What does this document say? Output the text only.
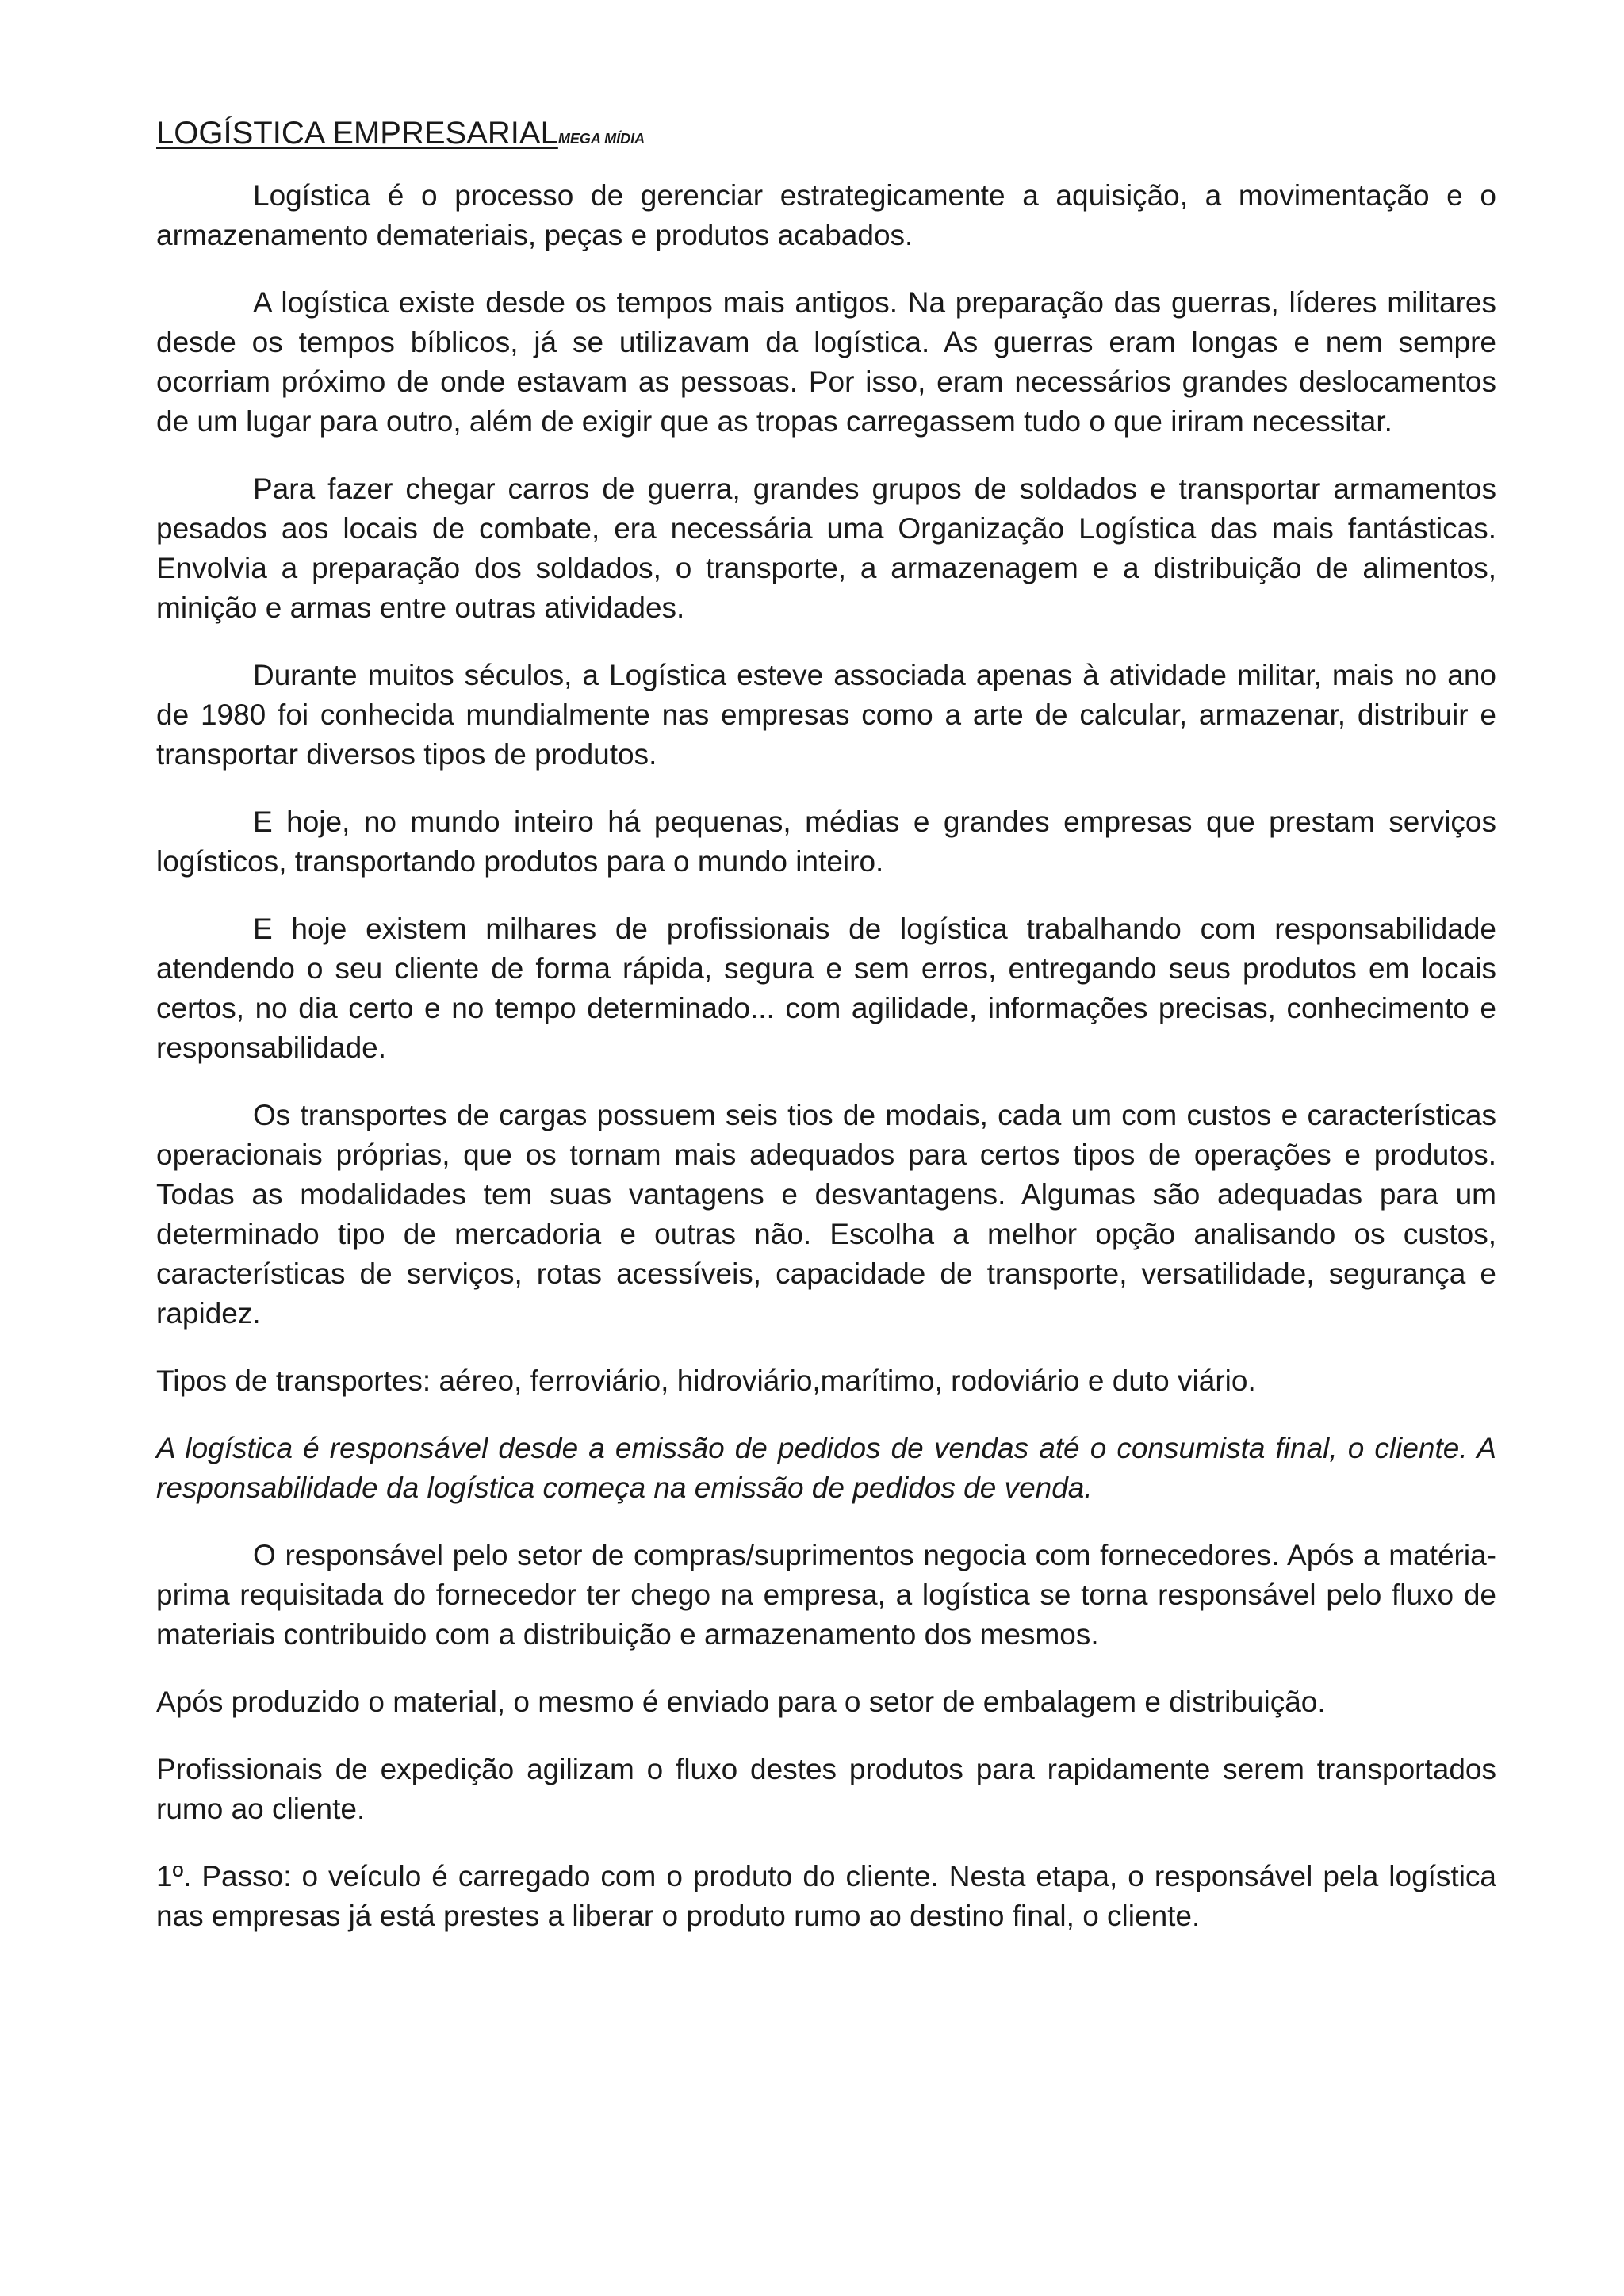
LOGÍSTICA EMPRESARIALMEGA MÍDIA

Logística é o processo de gerenciar estrategicamente a aquisição, a movimentação e o armazenamento demateriais, peças e produtos acabados.

A logística existe desde os tempos mais antigos. Na preparação das guerras, líderes militares desde os tempos bíblicos, já se utilizavam da logística. As guerras eram longas e nem sempre ocorriam próximo de onde estavam as pessoas. Por isso, eram necessários grandes deslocamentos de um lugar para outro, além de exigir que as tropas carregassem tudo o que iriram necessitar.

Para fazer chegar carros de guerra, grandes grupos de soldados e transportar armamentos pesados aos locais de combate, era necessária uma Organização Logística das mais fantásticas. Envolvia a preparação dos soldados, o transporte, a armazenagem e a distribuição de alimentos, minição e armas entre outras atividades.

Durante muitos séculos, a Logística esteve associada apenas à atividade militar, mais no ano de 1980 foi conhecida mundialmente nas empresas como a arte de calcular, armazenar, distribuir e transportar diversos tipos de produtos.

E hoje, no mundo inteiro há pequenas, médias e grandes empresas que prestam serviços logísticos, transportando produtos para o mundo inteiro.

E hoje existem milhares de profissionais de logística trabalhando com responsabilidade atendendo o seu cliente de forma rápida, segura e sem erros, entregando seus produtos em locais certos, no dia certo e no tempo determinado... com agilidade, informações precisas, conhecimento e responsabilidade.

Os transportes de cargas possuem seis tios de modais, cada um com custos e características operacionais próprias, que os tornam mais adequados para certos tipos de operações e produtos. Todas as modalidades tem suas vantagens e desvantagens. Algumas são adequadas para um determinado tipo de mercadoria e outras não. Escolha a melhor opção analisando os custos, características de serviços, rotas acessíveis, capacidade de transporte, versatilidade, segurança e rapidez.

Tipos de transportes: aéreo, ferroviário, hidroviário,marítimo, rodoviário e duto viário.

A logística é responsável desde a emissão de pedidos de vendas até o consumista final, o cliente. A responsabilidade da logística começa na emissão de pedidos de venda.

O responsável pelo setor de compras/suprimentos negocia com fornecedores. Após a matéria-prima requisitada do fornecedor ter chego na empresa, a logística se torna responsável pelo fluxo de materiais contribuido com a distribuição e armazenamento dos mesmos.

Após produzido o material, o mesmo é enviado para o setor de embalagem e distribuição.

Profissionais de expedição agilizam o fluxo destes produtos para rapidamente serem transportados rumo ao cliente.

1º. Passo: o veículo é carregado com o produto do cliente. Nesta etapa, o responsável pela logística nas empresas já está prestes a liberar o produto rumo ao destino final, o cliente.
